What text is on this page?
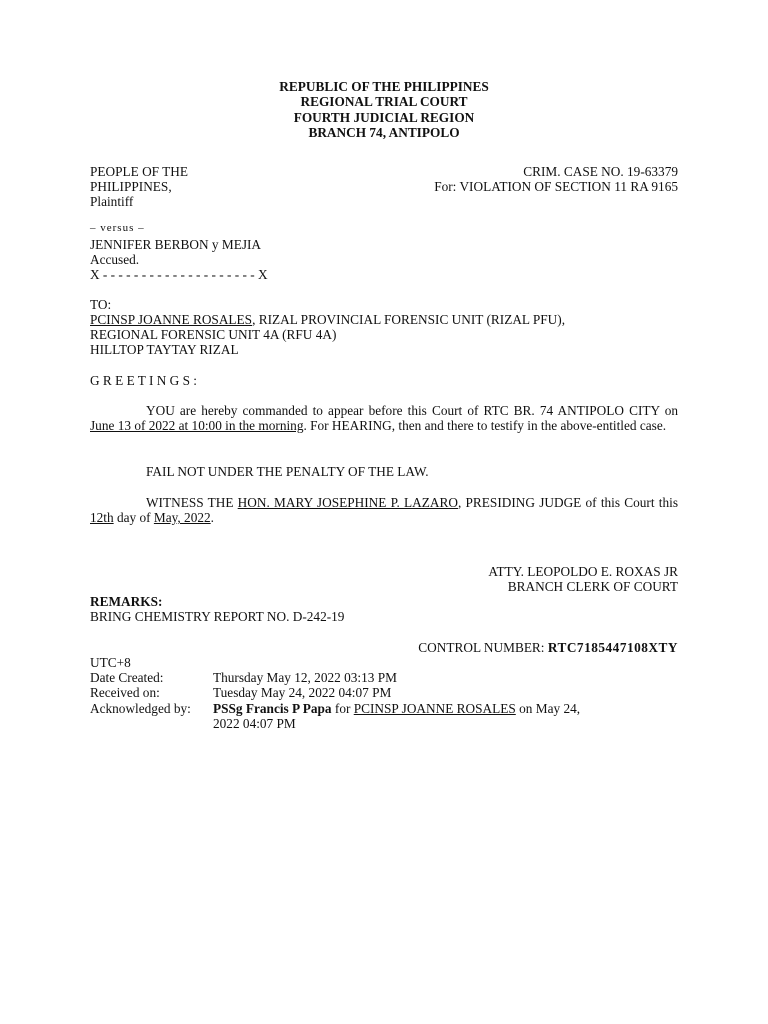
REPUBLIC OF THE PHILIPPINES
REGIONAL TRIAL COURT
FOURTH JUDICIAL REGION
BRANCH 74, ANTIPOLO
PEOPLE OF THE
PHILIPPINES,
Plaintiff
CRIM. CASE NO. 19-63379
For: VIOLATION OF SECTION 11 RA 9165
– versus –
JENNIFER BERBON y MEJIA
Accused.
X - - - - - - - - - - - - - - - - - - - - X
TO:
PCINSP JOANNE ROSALES, RIZAL PROVINCIAL FORENSIC UNIT (RIZAL PFU),
REGIONAL FORENSIC UNIT 4A (RFU 4A)
HILLTOP TAYTAY RIZAL
G R E E T I N G S :
YOU are hereby commanded to appear before this Court of RTC BR. 74 ANTIPOLO CITY on June 13 of 2022 at 10:00 in the morning. For HEARING, then and there to testify in the above-entitled case.
FAIL NOT UNDER THE PENALTY OF THE LAW.
WITNESS THE HON. MARY JOSEPHINE P. LAZARO, PRESIDING JUDGE of this Court this 12th day of May, 2022.
ATTY. LEOPOLDO E. ROXAS JR
BRANCH CLERK OF COURT
REMARKS:
BRING CHEMISTRY REPORT NO. D-242-19
CONTROL NUMBER: RTC7185447108XTY
UTC+8
Date Created:	Thursday May 12, 2022 03:13 PM
Received on:	Tuesday May 24, 2022 04:07 PM
Acknowledged by: PSSg Francis P Papa for PCINSP JOANNE ROSALES on May 24,
2022 04:07 PM
